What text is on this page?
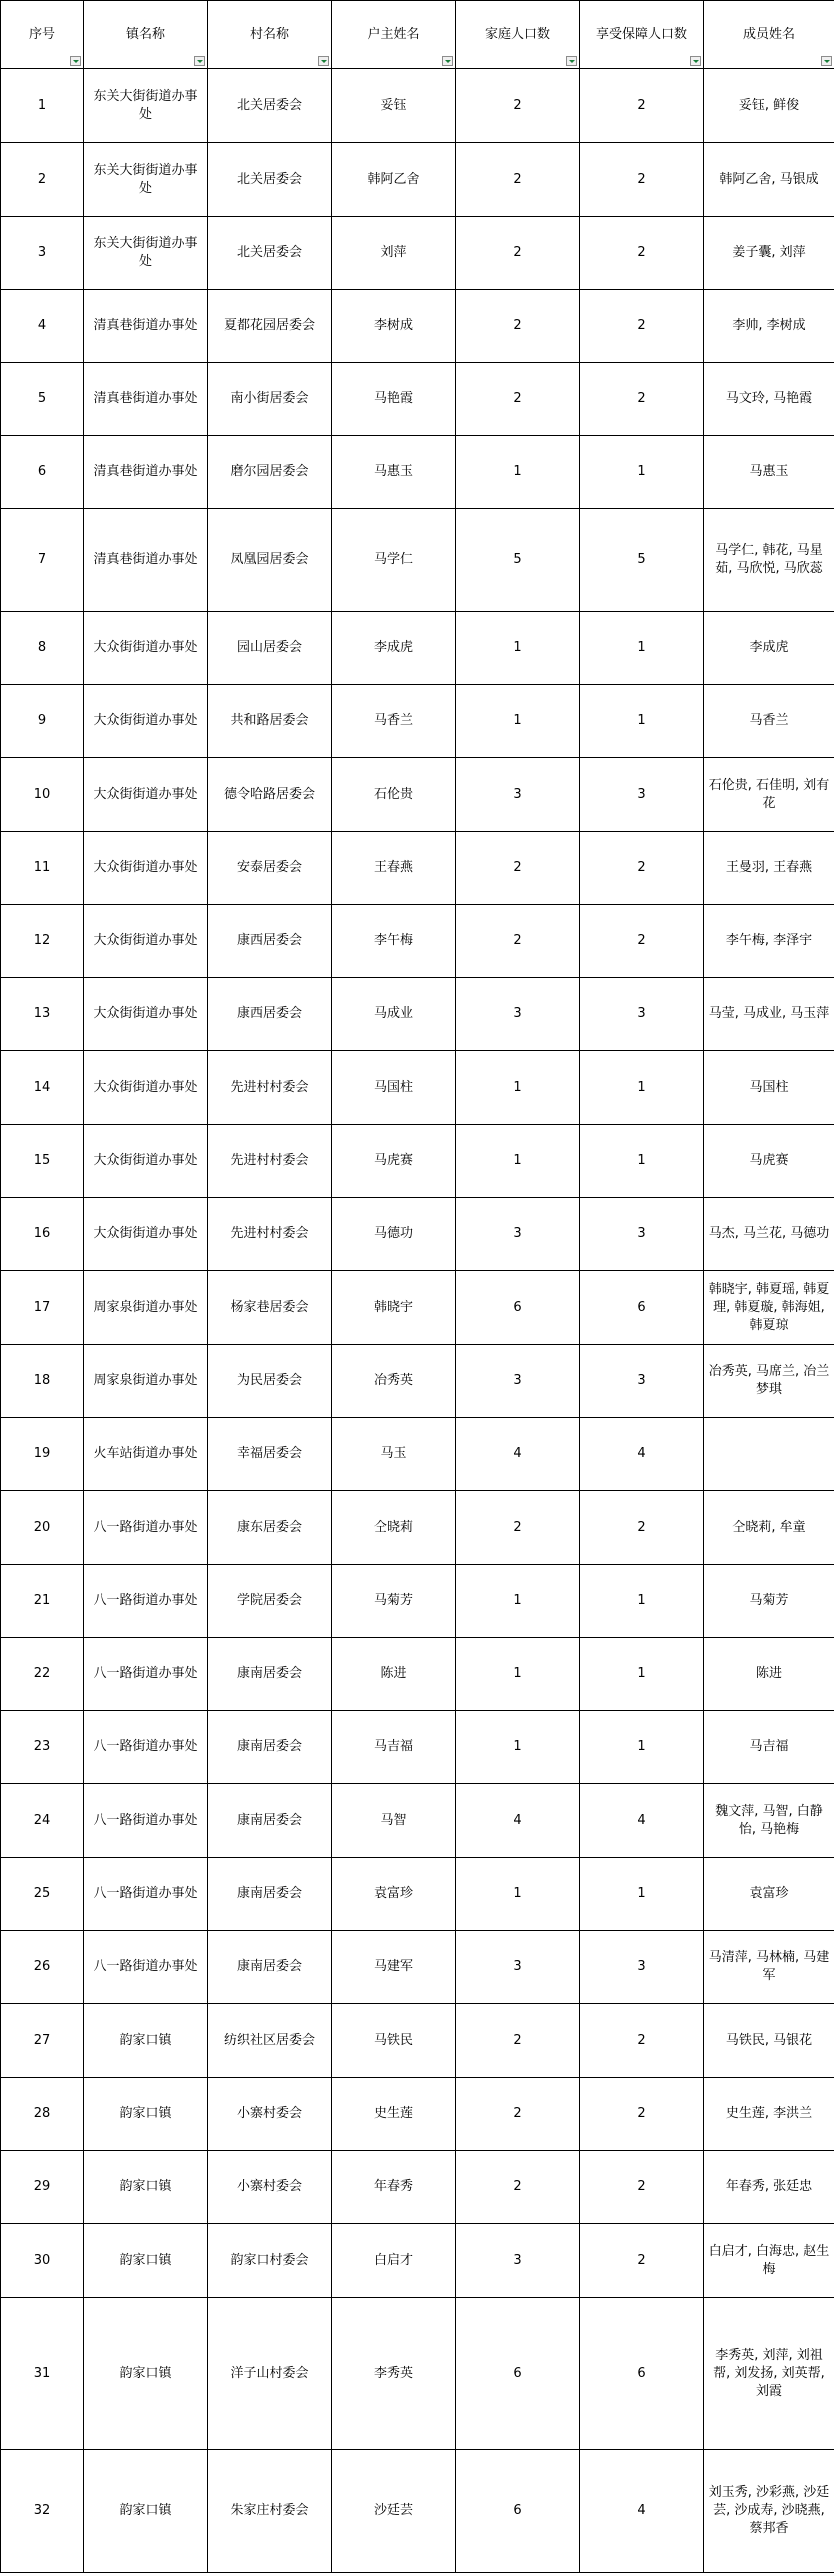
序号	镇名称	村名称	户主姓名	家庭人口数	享受保障人口数	成员姓名

1	东关大街街道办事处	北关居委会	妥钰	2	2	妥钰, 鲜俊
2	东关大街街道办事处	北关居委会	韩阿乙舍	2	2	韩阿乙舍, 马银成
3	东关大街街道办事处	北关居委会	刘萍	2	2	姜子囊, 刘萍
4	清真巷街道办事处	夏都花园居委会	李树成	2	2	李帅, 李树成
5	清真巷街道办事处	南小街居委会	马艳霞	2	2	马文玲, 马艳霞
6	清真巷街道办事处	磨尔园居委会	马惠玉	1	1	马惠玉
7	清真巷街道办事处	凤凰园居委会	马学仁	5	5	马学仁, 韩花, 马星茹, 马欣悦, 马欣蕊
8	大众街街道办事处	园山居委会	李成虎	1	1	李成虎
9	大众街街道办事处	共和路居委会	马香兰	1	1	马香兰
10	大众街街道办事处	德令哈路居委会	石伦贵	3	3	石伦贵, 石佳明, 刘有花
11	大众街街道办事处	安泰居委会	王春燕	2	2	王曼羽, 王春燕
12	大众街街道办事处	康西居委会	李午梅	2	2	李午梅, 李泽宇
13	大众街街道办事处	康西居委会	马成业	3	3	马莹, 马成业, 马玉萍
14	大众街街道办事处	先进村村委会	马国柱	1	1	马国柱
15	大众街街道办事处	先进村村委会	马虎赛	1	1	马虎赛
16	大众街街道办事处	先进村村委会	马德功	3	3	马杰, 马兰花, 马德功
17	周家泉街道办事处	杨家巷居委会	韩晓宇	6	6	韩晓宇, 韩夏瑶, 韩夏理, 韩夏璇, 韩海姐, 韩夏琼
18	周家泉街道办事处	为民居委会	冶秀英	3	3	冶秀英, 马席兰, 冶兰梦琪
19	火车站街道办事处	幸福居委会	马玉	4	4	
20	八一路街道办事处	康东居委会	仝晓莉	2	2	仝晓莉, 牟童
21	八一路街道办事处	学院居委会	马菊芳	1	1	马菊芳
22	八一路街道办事处	康南居委会	陈进	1	1	陈进
23	八一路街道办事处	康南居委会	马吉福	1	1	马吉福
24	八一路街道办事处	康南居委会	马智	4	4	魏文萍, 马智, 白静怡, 马艳梅
25	八一路街道办事处	康南居委会	袁富珍	1	1	袁富珍
26	八一路街道办事处	康南居委会	马建军	3	3	马清萍, 马林楠, 马建军
27	韵家口镇	纺织社区居委会	马铁民	2	2	马铁民, 马银花
28	韵家口镇	小寨村委会	史生莲	2	2	史生莲, 李洪兰
29	韵家口镇	小寨村委会	年春秀	2	2	年春秀, 张廷忠
30	韵家口镇	韵家口村委会	白启才	3	2	白启才, 白海忠, 赵生梅
31	韵家口镇	洋子山村委会	李秀英	6	6	李秀英, 刘萍, 刘祖帮, 刘发扬, 刘英帮, 刘霞
32	韵家口镇	朱家庄村委会	沙廷芸	6	4	刘玉秀, 沙彩燕, 沙廷芸, 沙成寿, 沙晓燕, 蔡邦香
